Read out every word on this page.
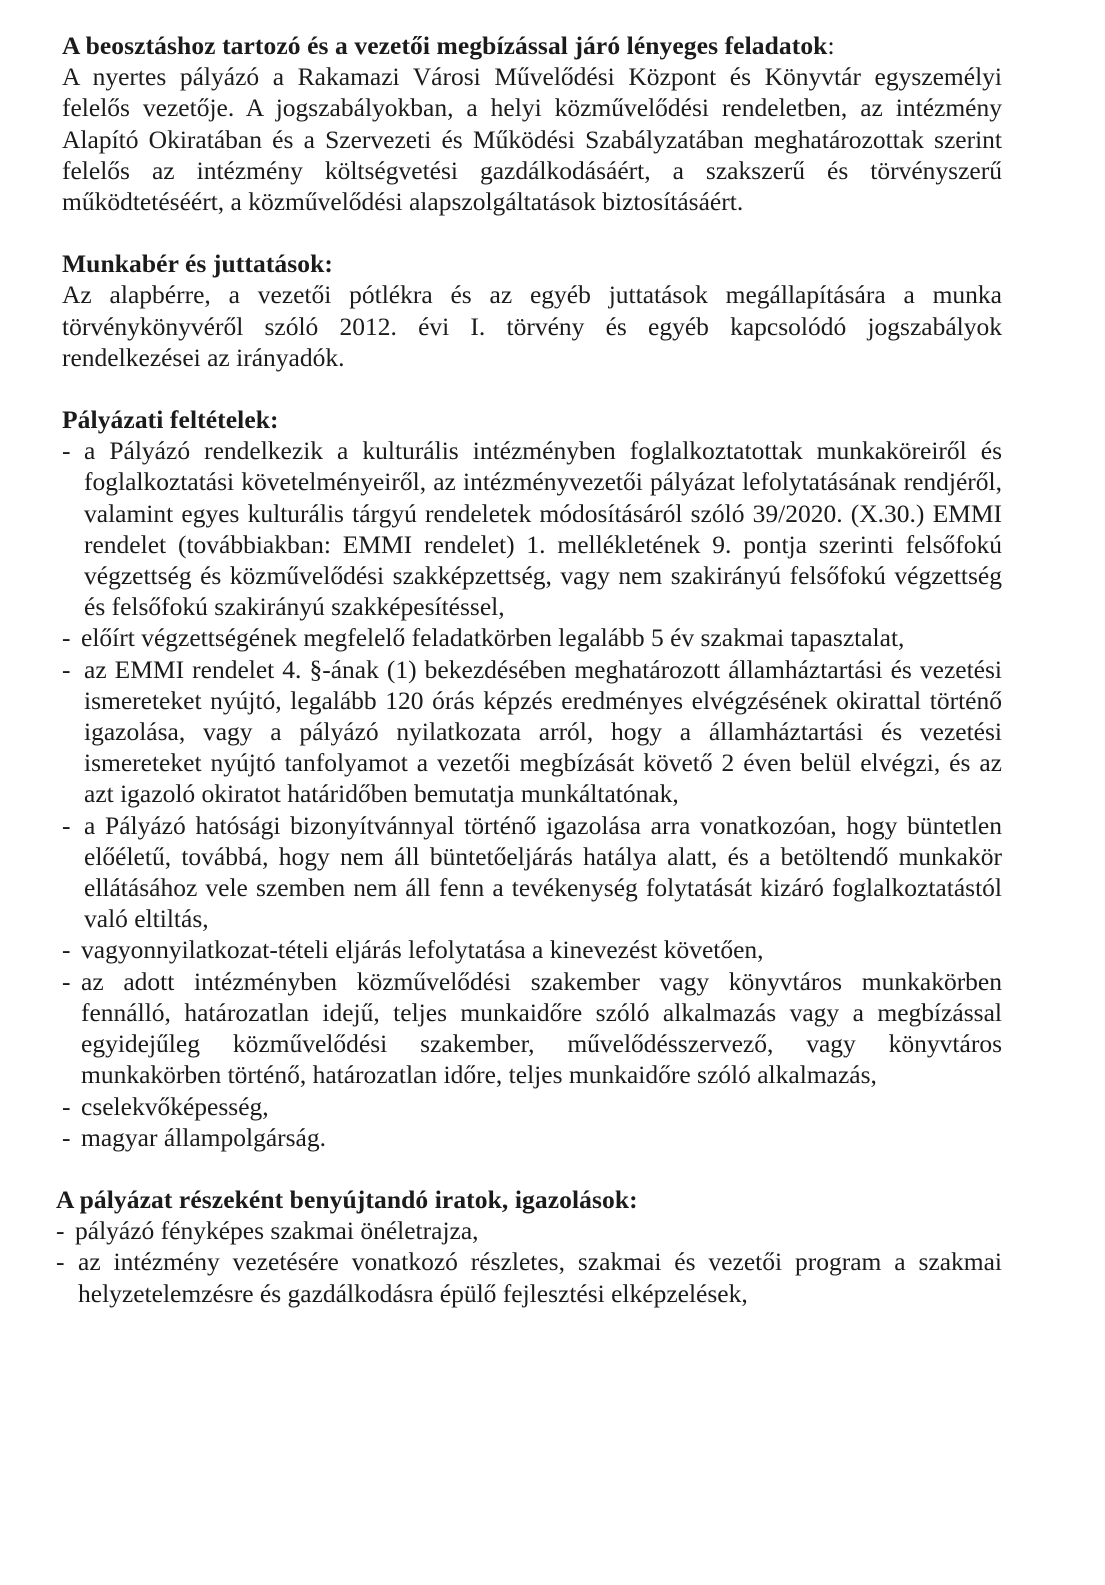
A beosztáshoz tartozó és a vezetői megbízással járó lényeges feladatok:

A nyertes pályázó a Rakamazi Városi Művelődési Központ és Könyvtár egyszemélyi felelős vezetője. A jogszabályokban, a helyi közművelődési rendeletben, az intézmény Alapító Okiratában és a Szervezeti és Működési Szabályzatában meghatározottak szerint felelős az intézmény költségvetési gazdálkodásáért, a szakszerű és törvényszerű működtetéséért, a közművelődési alapszolgáltatások biztosításáért.

Munkabér és juttatások:

Az alapbérre, a vezetői pótlékra és az egyéb juttatások megállapítására a munka törvénykönyvéről szóló 2012. évi I. törvény és egyéb kapcsolódó jogszabályok rendelkezései az irányadók.

Pályázati feltételek:

- a Pályázó rendelkezik a kulturális intézményben foglalkoztatottak munkaköreiről és foglalkoztatási követelményeiről, az intézményvezetői pályázat lefolytatásának rendjéről, valamint egyes kulturális tárgyú rendeletek módosításáról szóló 39/2020. (X.30.) EMMI rendelet (továbbiakban: EMMI rendelet) 1. mellékletének 9. pontja szerinti felsőfokú végzettség és közművelődési szakképzettség, vagy nem szakirányú felsőfokú végzettség és felsőfokú szakirányú szakképesítéssel,
- előírt végzettségének megfelelő feladatkörben legalább 5 év szakmai tapasztalat,
- az EMMI rendelet 4. §-ának (1) bekezdésében meghatározott államháztartási és vezetési ismereteket nyújtó, legalább 120 órás képzés eredményes elvégzésének okirattal történő igazolása, vagy a pályázó nyilatkozata arról, hogy a államháztartási és vezetési ismereteket nyújtó tanfolyamot a vezetői megbízását követő 2 éven belül elvégzi, és az azt igazoló okiratot határidőben bemutatja munkáltatónak,
- a Pályázó hatósági bizonyítvánnyal történő igazolása arra vonatkozóan, hogy büntetlen előéletű, továbbá, hogy nem áll büntetőeljárás hatálya alatt, és a betöltendő munkakör ellátásához vele szemben nem áll fenn a tevékenység folytatását kizáró foglalkoztatástól való eltiltás,
- vagyonnyilatkozat-tételi eljárás lefolytatása a kinevezést követően,
- az adott intézményben közművelődési szakember vagy könyvtáros munkakörben fennálló, határozatlan idejű, teljes munkaidőre szóló alkalmazás vagy a megbízással egyidejűleg közművelődési szakember, művelődésszervező, vagy könyvtáros munkakörben történő, határozatlan időre, teljes munkaidőre szóló alkalmazás,
- cselekvőképesség,
- magyar állampolgárság.

A pályázat részeként benyújtandó iratok, igazolások:

- pályázó fényképes szakmai önéletrajza,
- az intézmény vezetésére vonatkozó részletes, szakmai és vezetői program a szakmai helyzetelemzésre és gazdálkodásra épülő fejlesztési elképzelések,
